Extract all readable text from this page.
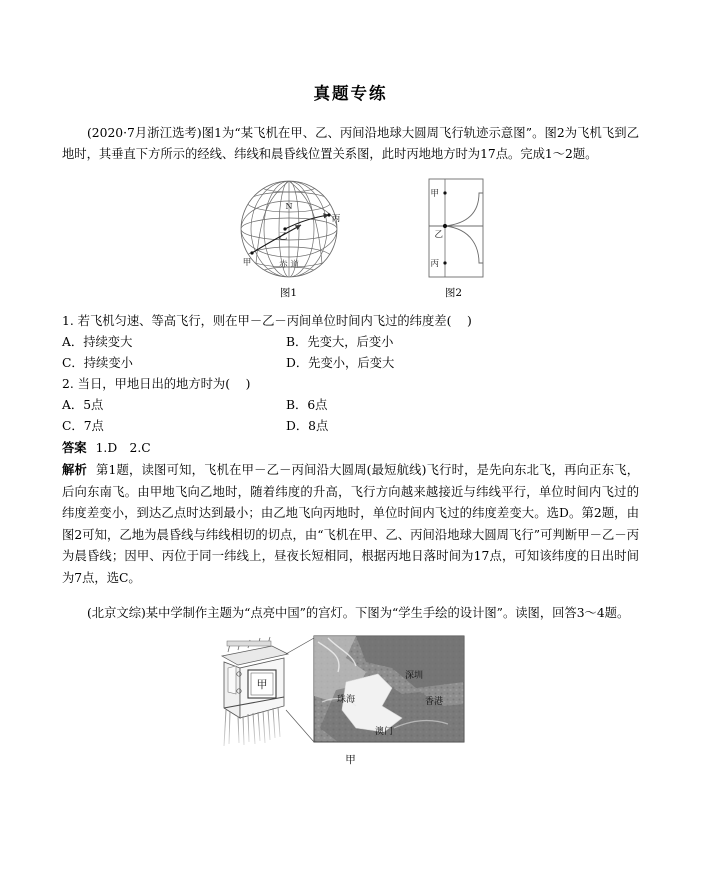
真题专练

(2020·7月浙江选考)图1为“某飞机在甲、乙、丙间沿地球大圆周飞行轨迹示意图”。图2为飞机飞到乙地时，其垂直下方所示的经线、纬线和晨昏线位置关系图，此时丙地地方时为17点。完成1～2题。

N
甲
乙
丙
赤 道
图1
甲
乙
丙
图2

1. 若飞机匀速、等高飞行，则在甲－乙－丙间单位时间内飞过的纬度差( )

A．持续变大	B．先变大，后变小
C．持续变小	D．先变小，后变大

2. 当日，甲地日出的地方时为( )

A．5点	B．6点
C．7点	D．8点

答案 1.D　2.C

解析 第1题，读图可知，飞机在甲－乙－丙间沿大圆周(最短航线)飞行时，是先向东北飞，再向正东飞，后向东南飞。由甲地飞向乙地时，随着纬度的升高，飞行方向越来越接近与纬线平行，单位时间内飞过的纬度差变小，到达乙点时达到最小；由乙地飞向丙地时，单位时间内飞过的纬度差变大。选D。第2题，由图2可知，乙地为晨昏线与纬线相切的切点，由“飞机在甲、乙、丙间沿地球大圆周飞行”可判断甲－乙－丙为晨昏线；因甲、丙位于同一纬线上，昼夜长短相同，根据丙地日落时间为17点，可知该纬度的日出时间为7点，选C。

(北京文综)某中学制作主题为“点亮中国”的宫灯。下图为“学生手绘的设计图”。读图，回答3～4题。

甲
深圳
珠海	香港
澳门
甲
